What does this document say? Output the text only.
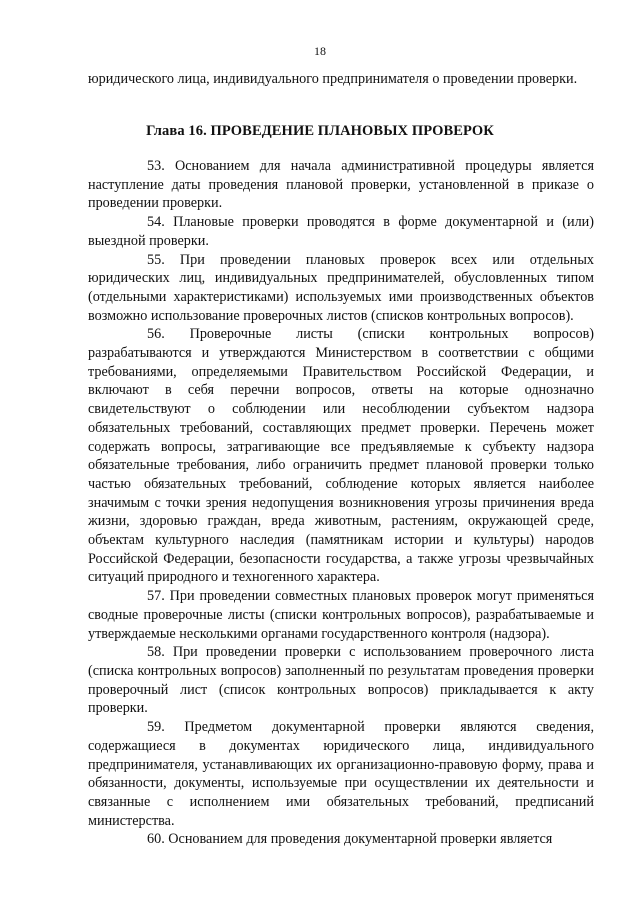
18
юридического лица, индивидуального предпринимателя о проведении проверки.
Глава 16. ПРОВЕДЕНИЕ ПЛАНОВЫХ ПРОВЕРОК

53. Основанием для начала административной процедуры является наступление даты проведения плановой проверки, установленной в приказе о проведении проверки.

54. Плановые проверки проводятся в форме документарной и (или) выездной проверки.

55. При проведении плановых проверок всех или отдельных юридических лиц, индивидуальных предпринимателей, обусловленных типом (отдельными характеристиками) используемых ими производственных объектов возможно использование проверочных листов (списков контрольных вопросов).

56. Проверочные листы (списки контрольных вопросов) разрабатываются и утверждаются Министерством в соответствии с общими требованиями, определяемыми Правительством Российской Федерации, и включают в себя перечни вопросов, ответы на которые однозначно свидетельствуют о соблюдении или несоблюдении субъектом надзора обязательных требований, составляющих предмет проверки. Перечень может содержать вопросы, затрагивающие все предъявляемые к субъекту надзора обязательные требования, либо ограничить предмет плановой проверки только частью обязательных требований, соблюдение которых является наиболее значимым с точки зрения недопущения возникновения угрозы причинения вреда жизни, здоровью граждан, вреда животным, растениям, окружающей среде, объектам культурного наследия (памятникам истории и культуры) народов Российской Федерации, безопасности государства, а также угрозы чрезвычайных ситуаций природного и техногенного характера.

57. При проведении совместных плановых проверок могут применяться сводные проверочные листы (списки контрольных вопросов), разрабатываемые и утверждаемые несколькими органами государственного контроля (надзора).

58. При проведении проверки с использованием проверочного листа (списка контрольных вопросов) заполненный по результатам проведения проверки проверочный лист (список контрольных вопросов) прикладывается к акту проверки.

59. Предметом документарной проверки являются сведения, содержащиеся в документах юридического лица, индивидуального предпринимателя, устанавливающих их организационно-правовую форму, права и обязанности, документы, используемые при осуществлении их деятельности и связанные с исполнением ими обязательных требований, предписаний министерства.

60. Основанием для проведения документарной проверки является
